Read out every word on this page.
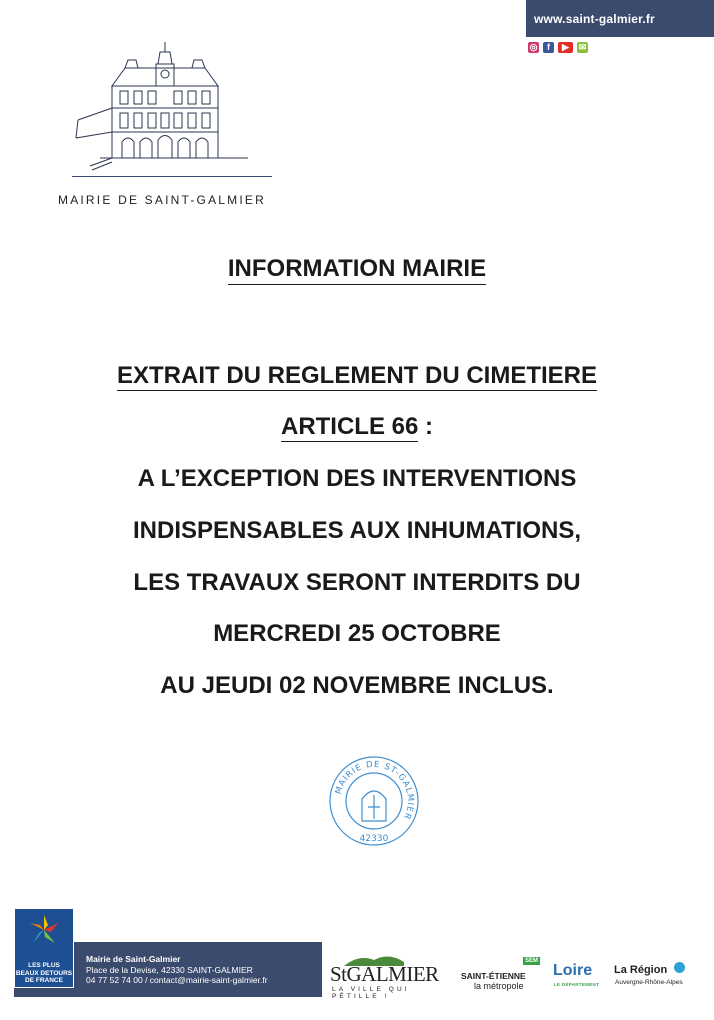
www.saint-galmier.fr
◎	f	▶	✉
MAIRIE DE SAINT-GALMIER
INFORMATION MAIRIE
EXTRAIT DU REGLEMENT DU CIMETIERE
ARTICLE 66 :
A L’EXCEPTION DES INTERVENTIONS
INDISPENSABLES AUX INHUMATIONS,
LES TRAVAUX SERONT INTERDITS DU
MERCREDI 25 OCTOBRE
AU JEUDI 02 NOVEMBRE INCLUS.
MAIRIE DE ST-GALMIER
42330
LES PLUS
BEAUX DETOURS
DE FRANCE
Mairie de Saint-Galmier
Place de la Devise, 42330 SAINT-GALMIER
04 77 52 74 00 / contact@mairie-saint-galmier.fr	StGALMIER
LA VILLE QUI PÉTILLE !
SÉM
SAINT-ÉTIENNE
la métropole
Loire
LE DÉPARTEMENT
La Région
Auvergne-Rhône-Alpes
